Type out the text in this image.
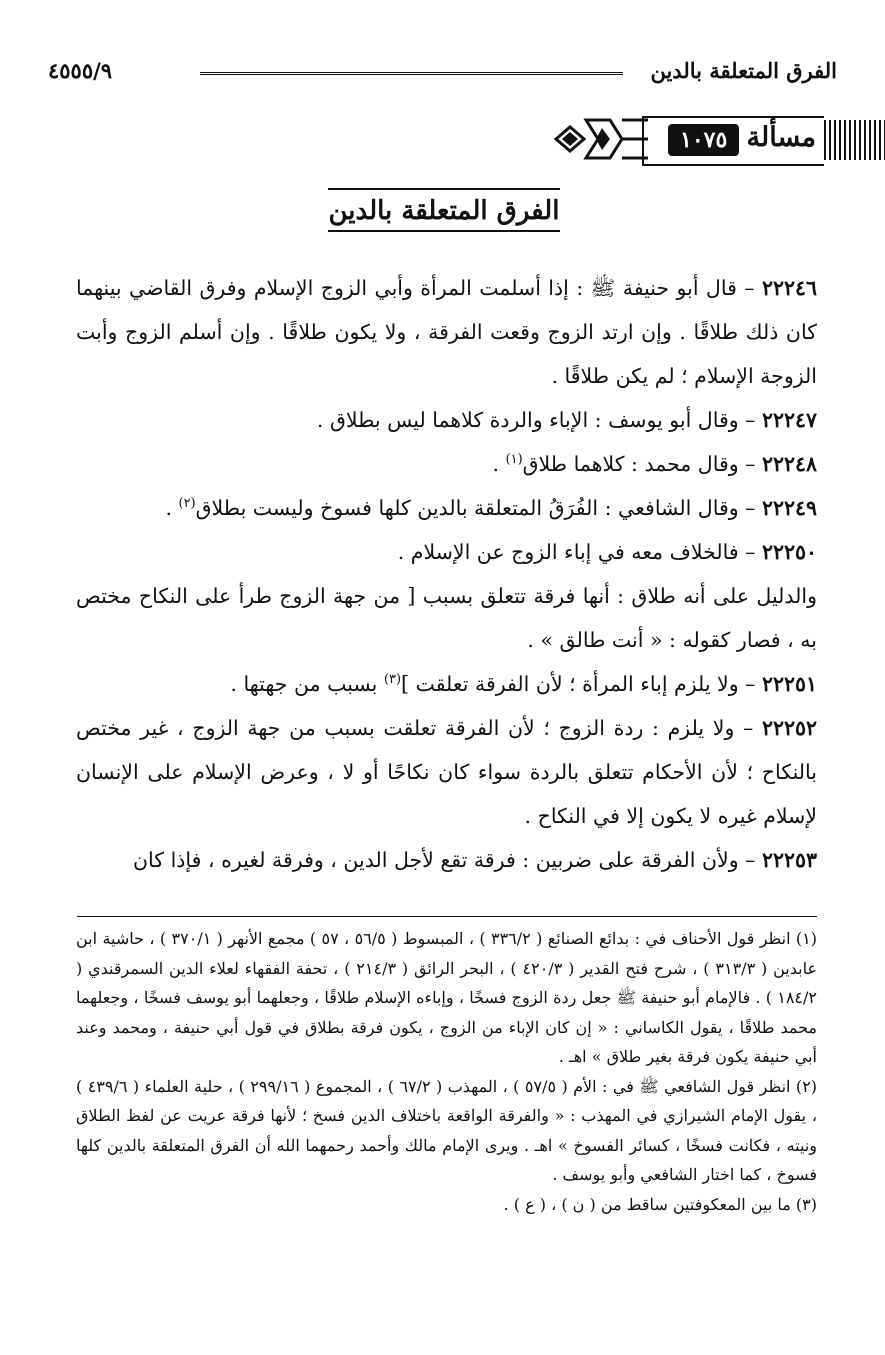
الفرق المتعلقة بالدين
٤٥٥٥/٩
مسألة
١٠٧٥
الفرق المتعلقة بالدين

٢٢٢٤٦ – قال أبو حنيفة ﷺ : إذا أسلمت المرأة وأبي الزوج الإسلام وفرق القاضي بينهما كان ذلك طلاقًا . وإن ارتد الزوج وقعت الفرقة ، ولا يكون طلاقًا . وإن أسلم الزوج وأبت الزوجة الإسلام ؛ لم يكن طلاقًا .

٢٢٢٤٧ – وقال أبو يوسف : الإباء والردة كلاهما ليس بطلاق .

٢٢٢٤٨ – وقال محمد : كلاهما طلاق$^{(١)}$ .

٢٢٢٤٩ – وقال الشافعي : الفُرَقُ المتعلقة بالدين كلها فسوخ وليست بطلاق$^{(٢)}$ .

٢٢٢٥٠ – فالخلاف معه في إباء الزوج عن الإسلام .

والدليل على أنه طلاق : أنها فرقة تتعلق بسبب [ من جهة الزوج طرأ على النكاح مختص به ، فصار كقوله : « أنت طالق » .

٢٢٢٥١ – ولا يلزم إباء المرأة ؛ لأن الفرقة تعلقت ]$^{(٣)}$ بسبب من جهتها .

٢٢٢٥٢ – ولا يلزم : ردة الزوج ؛ لأن الفرقة تعلقت بسبب من جهة الزوج ، غير مختص بالنكاح ؛ لأن الأحكام تتعلق بالردة سواء كان نكاحًا أو لا ، وعرض الإسلام على الإنسان لإسلام غيره لا يكون إلا في النكاح .

٢٢٢٥٣ – ولأن الفرقة على ضربين : فرقة تقع لأجل الدين ، وفرقة لغيره ، فإذا كان

(١) انظر قول الأحناف في : بدائع الصنائع ( ٣٣٦/٢ ) ، المبسوط ( ٥٦/٥ ، ٥٧ ) مجمع الأنهر ( ٣٧٠/١ ) ، حاشية ابن عابدين ( ٣١٣/٣ ) ، شرح فتح القدير ( ٤٢٠/٣ ) ، البحر الرائق ( ٢١٤/٣ ) ، تحفة الفقهاء لعلاء الدين السمرقندي ( ١٨٤/٢ ) . فالإمام أبو حنيفة ﷺ جعل ردة الزوج فسخًا ، وإباءه الإسلام طلاقًا ، وجعلهما أبو يوسف فسخًا ، وجعلهما محمد طلاقًا ، يقول الكاساني : « إن كان الإباء من الزوج ، يكون فرقة بطلاق في قول أبي حنيفة ، ومحمد وعند أبي حنيفة يكون فرقة بغير طلاق » اهـ .

(٢) انظر قول الشافعي ﷺ في : الأم ( ٥٧/٥ ) ، المهذب ( ٦٧/٢ ) ، المجموع ( ٢٩٩/١٦ ) ، حلية العلماء ( ٤٣٩/٦ ) ، يقول الإمام الشيرازي في المهذب : « والفرقة الواقعة باختلاف الدين فسخ ؛ لأنها فرقة عريت عن لفظ الطلاق ونيته ، فكانت فسخًا ، كسائر الفسوخ » اهـ . ويرى الإمام مالك وأحمد رحمهما الله أن الفرق المتعلقة بالدين كلها فسوخ ، كما اختار الشافعي وأبو يوسف .

(٣) ما بين المعكوفتين ساقط من ( ن ) ، ( ع ) .
